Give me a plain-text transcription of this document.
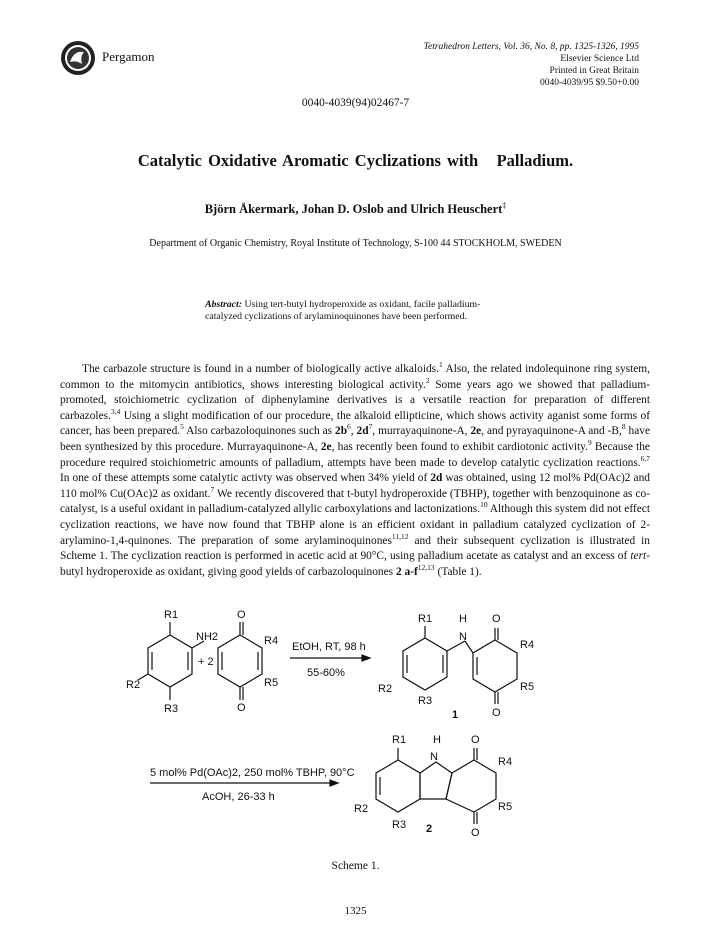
Pergamon
Tetrahedron Letters, Vol. 36, No. 8, pp. 1325-1326, 1995
Elsevier Science Ltd
Printed in Great Britain
0040-4039/95 $9.50+0.00
0040-4039(94)02467-7
Catalytic Oxidative Aromatic Cyclizations with   Palladium.
Björn Åkermark, Johan D. Oslob and Ulrich Heuschert‡
Department of Organic Chemistry, Royal Institute of Technology, S-100 44 STOCKHOLM, SWEDEN
Abstract: Using tert-butyl hydroperoxide as oxidant, facile palladium-catalyzed cyclizations of arylaminoquinones have been performed.

The carbazole structure is found in a number of biologically active alkaloids.$^1$ Also, the related indolequinone ring system, common to the mitomycin antibiotics, shows interesting biological activity.$^2$ Some years ago we showed that palladium-promoted, stoichiometric cyclization of diphenylamine derivatives is a versatile reaction for preparation of different carbazoles.$^{3,4}$ Using a slight modification of our procedure, the alkaloid ellipticine, which shows activity aganist some forms of cancer, has been prepared.$^5$ Also carbazoloquinones such as $2b^6$, $2d^7$, murrayaquinone-A, 2e, and pyrayaquinone-A and -B,$^8$ have been synthesized by this procedure. Murrayaquinone-A, 2e, has recently been found to exhibit cardiotonic activity.$^9$ Because the procedure required stoichiometric amounts of palladium, attempts have been made to develop catalytic cyclization reactions.$^{6,7}$ In one of these attempts some catalytic activty was observed when 34% yield of 2d was obtained, using 12 mol% Pd(OAc)2 and 110 mol% Cu(OAc)2 as oxidant.$^7$ We recently discovered that t-butyl hydroperoxide (TBHP), together with benzoquinone as co-catalyst, is a useful oxidant in palladium-catalyzed allylic carboxylations and lactonizations.$^{10}$ Although this system did not effect cyclization reactions, we have now found that TBHP alone is an efficient oxidant in palladium catalyzed cyclization of 2-arylamino-1,4-quinones. The preparation of some arylaminoquinones$^{11,12}$ and their subsequent cyclization is illustrated in Scheme 1. The cyclization reaction is performed in acetic acid at 90°C, using palladium acetate as catalyst and an excess of tert-butyl hydroperoxide as oxidant, giving good yields of carbazoloquinones 2 $a-f^{12,13}$ (Table 1).

R1
NH2
R2
R3
+ 2
O
R4
R5
O
EtOH, RT, 98 h
55-60%
R1 H O
N
R4
R5
R2
R3
O
1
5 mol% Pd(OAc)2, 250 mol% TBHP, 90°C
AcOH, 26-33 h
R1 H
N
O
R4
R5
R2
R3 2	O
Scheme 1.
1325
